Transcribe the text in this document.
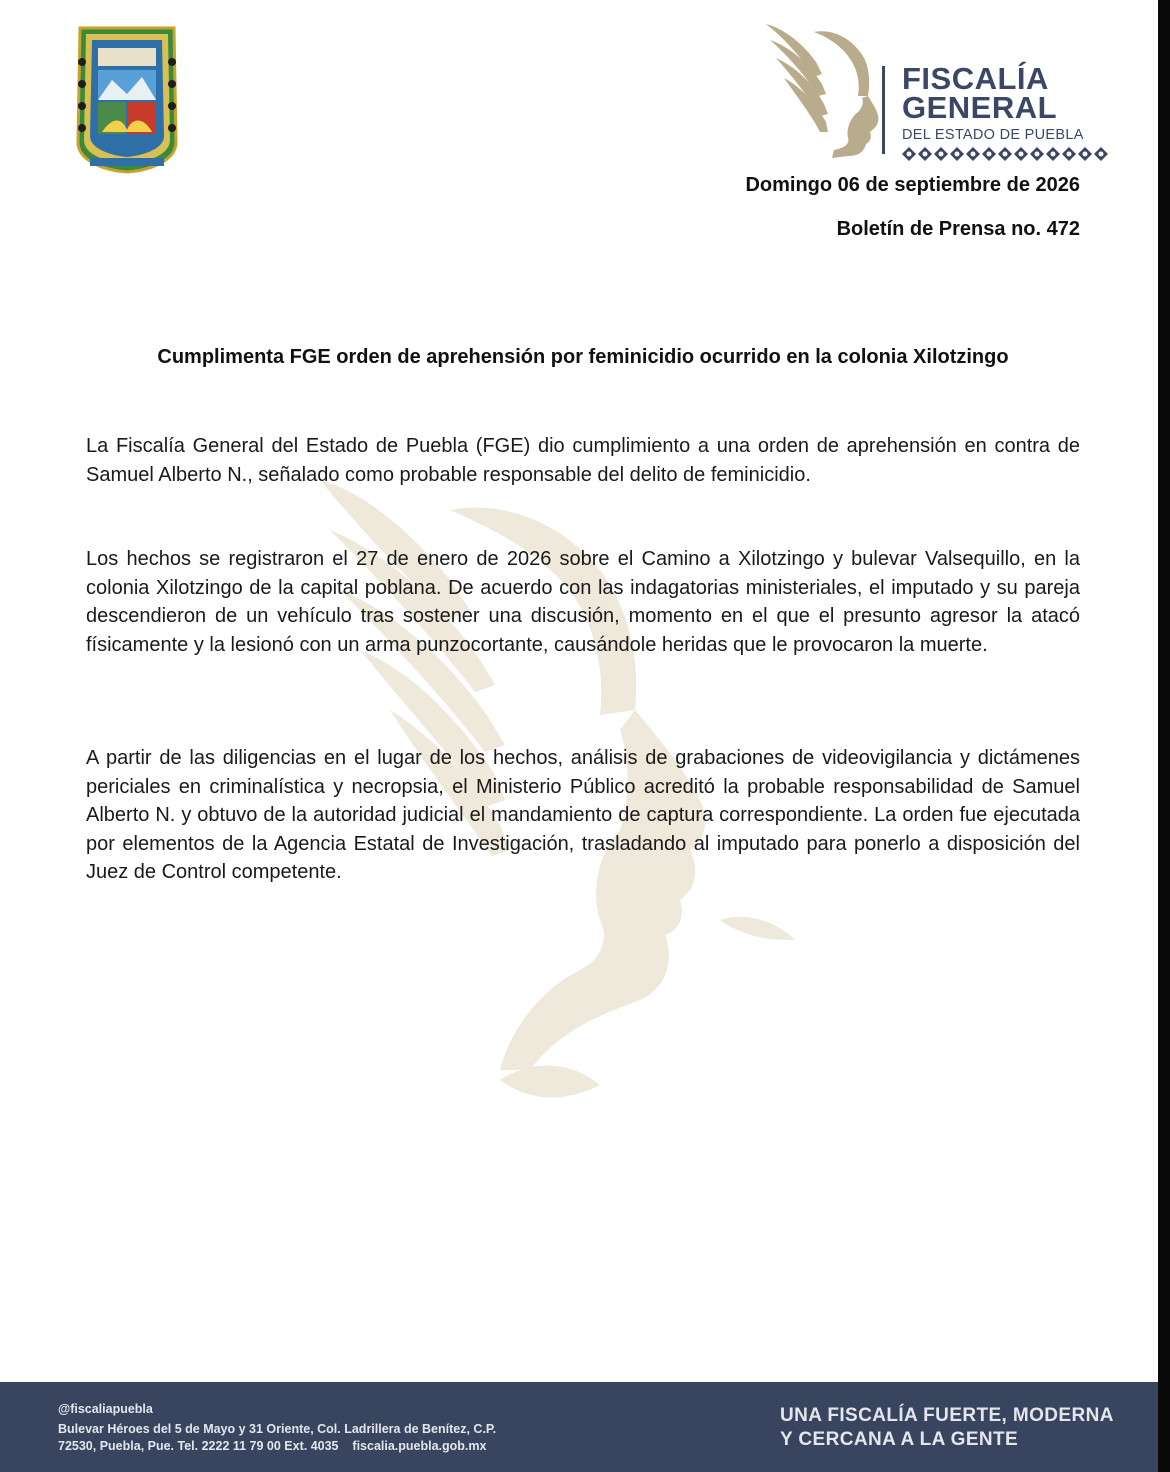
FISCALÍA
GENERAL
DEL ESTADO DE PUEBLA
Domingo 06 de septiembre de 2026
Boletín de Prensa no. 472
Cumplimenta FGE orden de aprehensión por feminicidio ocurrido en la colonia Xilotzingo

La Fiscalía General del Estado de Puebla (FGE) dio cumplimiento a una orden de aprehensión en contra de Samuel Alberto N., señalado como probable responsable del delito de feminicidio.

Los hechos se registraron el 27 de enero de 2026 sobre el Camino a Xilotzingo y bulevar Valsequillo, en la colonia Xilotzingo de la capital poblana. De acuerdo con las indagatorias ministeriales, el imputado y su pareja descendieron de un vehículo tras sostener una discusión, momento en el que el presunto agresor la atacó físicamente y la lesionó con un arma punzocortante, causándole heridas que le provocaron la muerte.

A partir de las diligencias en el lugar de los hechos, análisis de grabaciones de videovigilancia y dictámenes periciales en criminalística y necropsia, el Ministerio Público acreditó la probable responsabilidad de Samuel Alberto N. y obtuvo de la autoridad judicial el mandamiento de captura correspondiente. La orden fue ejecutada por elementos de la Agencia Estatal de Investigación, trasladando al imputado para ponerlo a disposición del Juez de Control competente.

@fiscaliapuebla
Bulevar Héroes del 5 de Mayo y 31 Oriente, Col. Ladrillera de Benítez, C.P.
72530, Puebla, Pue. Tel. 2222 11 79 00 Ext. 4035    fiscalia.puebla.gob.mx
UNA FISCALÍA FUERTE, MODERNA
Y CERCANA A LA GENTE
